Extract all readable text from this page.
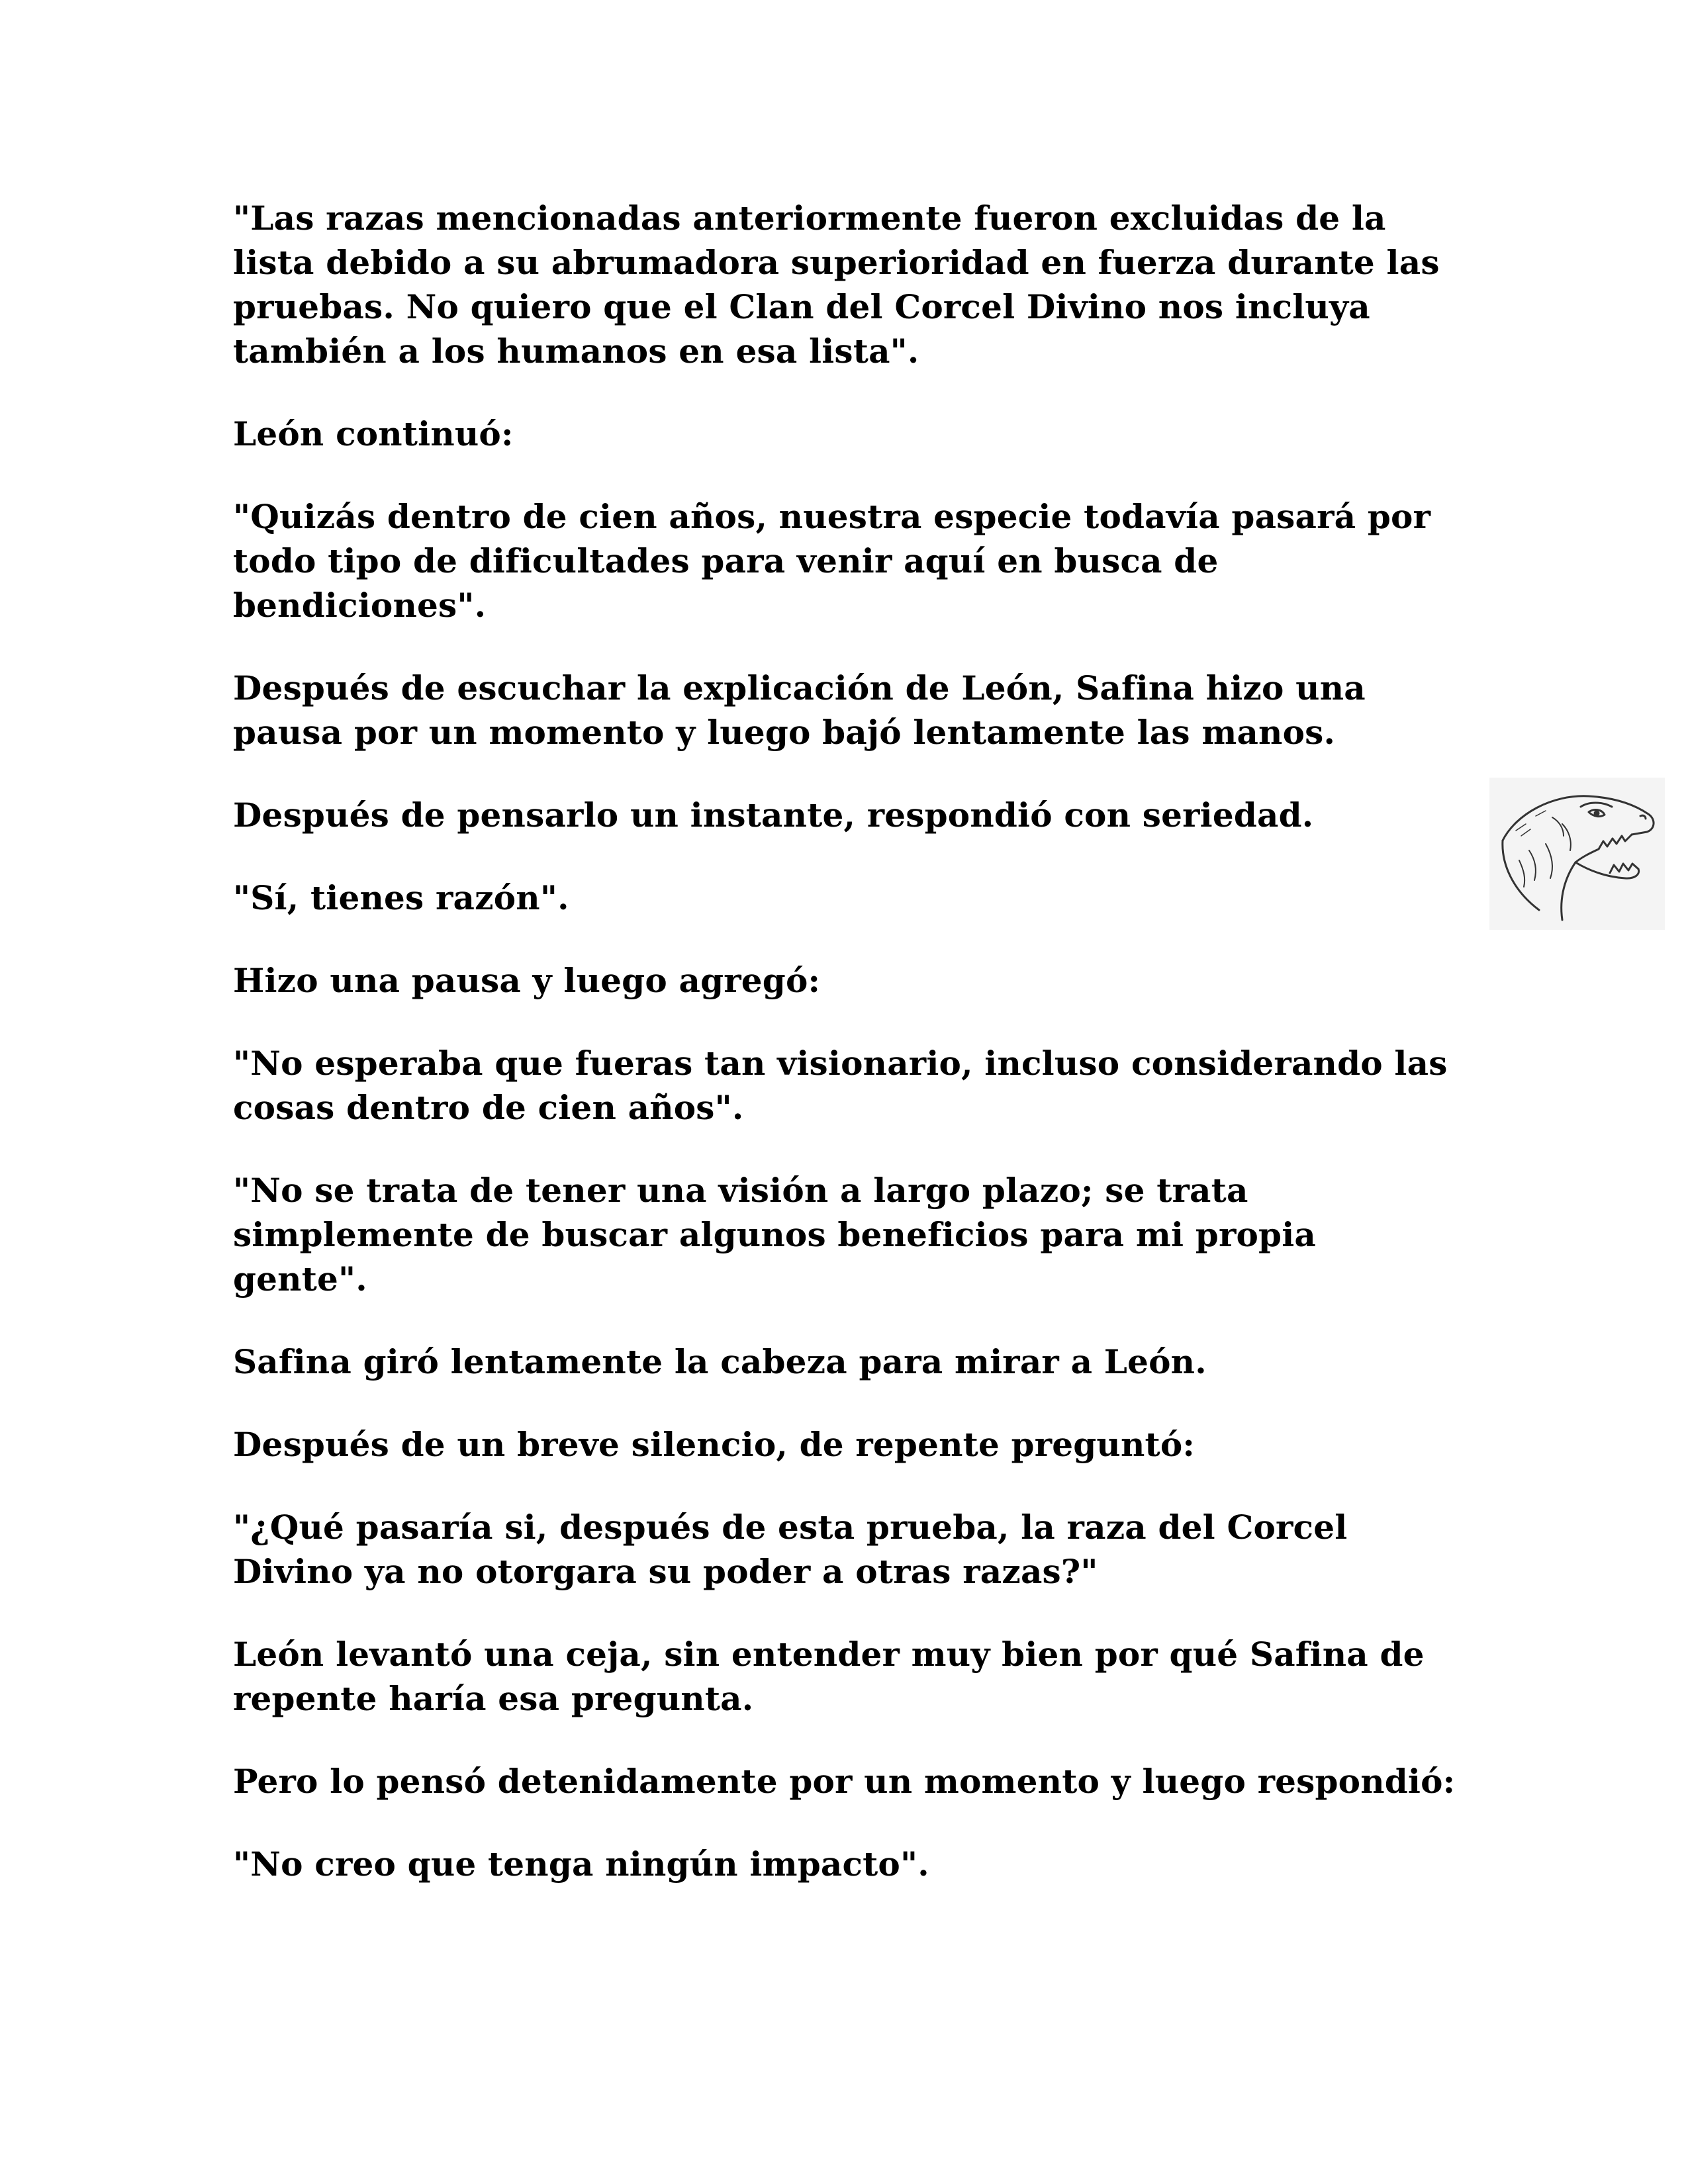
"Las razas mencionadas anteriormente fueron excluidas de la lista debido a su abrumadora superioridad en fuerza durante las pruebas. No quiero que el Clan del Corcel Divino nos incluya también a los humanos en esa lista".

León continuó:

"Quizás dentro de cien años, nuestra especie todavía pasará por todo tipo de dificultades para venir aquí en busca de bendiciones".

Después de escuchar la explicación de León, Safina hizo una pausa por un momento y luego bajó lentamente las manos.

Después de pensarlo un instante, respondió con seriedad.

"Sí, tienes razón".

Hizo una pausa y luego agregó:

"No esperaba que fueras tan visionario, incluso considerando las cosas dentro de cien años".

"No se trata de tener una visión a largo plazo; se trata simplemente de buscar algunos beneficios para mi propia gente".

Safina giró lentamente la cabeza para mirar a León.

Después de un breve silencio, de repente preguntó:

"¿Qué pasaría si, después de esta prueba, la raza del Corcel Divino ya no otorgara su poder a otras razas?"

León levantó una ceja, sin entender muy bien por qué Safina de repente haría esa pregunta.

Pero lo pensó detenidamente por un momento y luego respondió:

"No creo que tenga ningún impacto".
